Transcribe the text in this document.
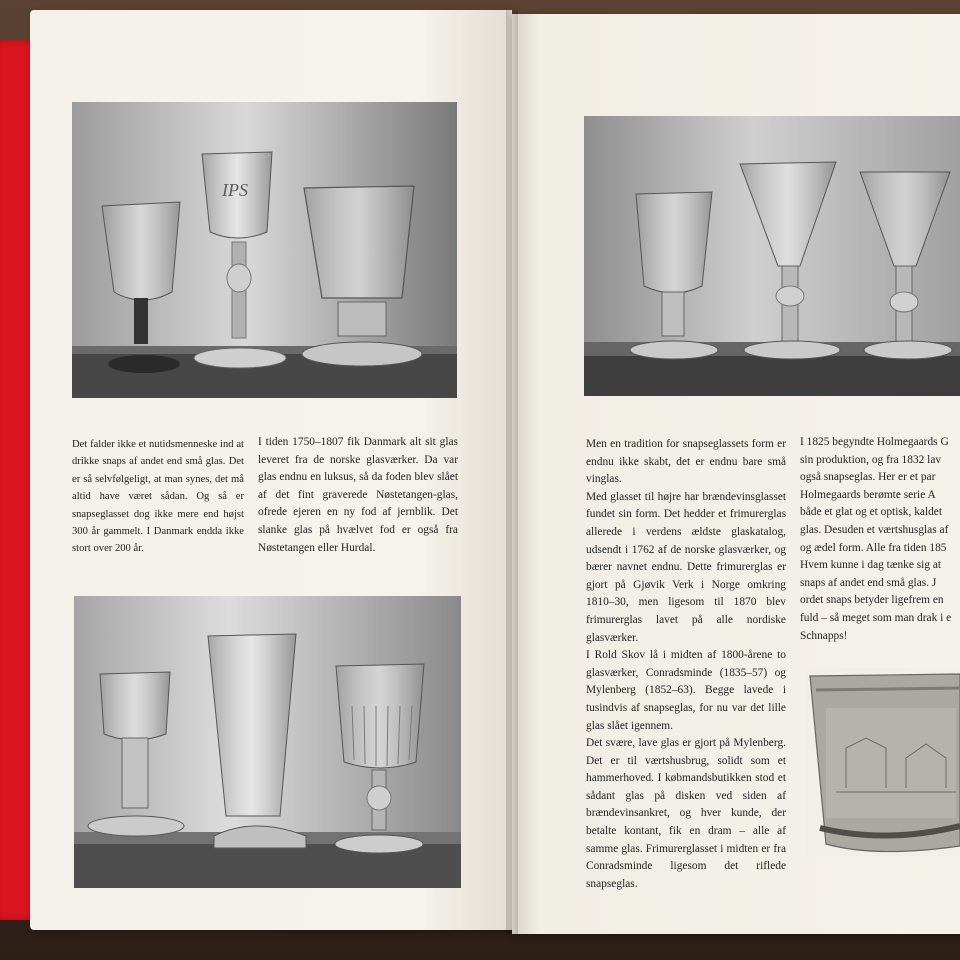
IPS

Det falder ikke et nutidsmenneske ind at drikke snaps af andet end små glas. Det er så selvfølgeligt, at man synes, det må altid have været sådan. Og så er snapseglasset dog ikke mere end højst 300 år gammelt. I Danmark endda ikke stort over 200 år.

I tiden 1750–1807 fik Danmark alt sit glas leveret fra de norske glasværker. Da var glas endnu en luksus, så da foden blev slået af det fint graverede Nøstetangen-glas, ofrede ejeren en ny fod af jernblik. Det slanke glas på hvælvet fod er også fra Nøstetangen eller Hurdal.

Men en tradition for snapseglassets form er endnu ikke skabt, det er endnu bare små vinglas.

Med glasset til højre har brændevinsglasset fundet sin form. Det hedder et frimurerglas allerede i verdens ældste glaskatalog, udsendt i 1762 af de norske glasværker, og bærer navnet endnu. Dette frimurerglas er gjort på Gjøvik Verk i Norge omkring 1810–30, men ligesom til 1870 blev frimurerglas lavet på alle nordiske glasværker.

I Rold Skov lå i midten af 1800-årene to glasværker, Conradsminde (1835–57) og Mylenberg (1852–63). Begge lavede i tusindvis af snapseglas, for nu var det lille glas slået igennem.

Det svære, lave glas er gjort på Mylenberg. Det er til værtshusbrug, solidt som et hammerhoved. I købmandsbutikken stod et sådant glas på disken ved siden af brændevinsankret, og hver kunde, der betalte kontant, fik en dram – alle af samme glas. Frimurerglasset i midten er fra Conradsminde ligesom det riflede snapseglas.

I 1825 begyndte Holmegaards G
sin produktion, og fra 1832 lav
også snapseglas. Her er et par
Holmegaards berømte serie A
både et glat og et optisk, kaldet
glas. Desuden et værtshusglas af
og ædel form. Alle fra tiden 185
Hvem kunne i dag tænke sig at
snaps af andet end små glas. J
ordet snaps betyder ligefrem en
fuld – så meget som man drak i e
Schnapps!
